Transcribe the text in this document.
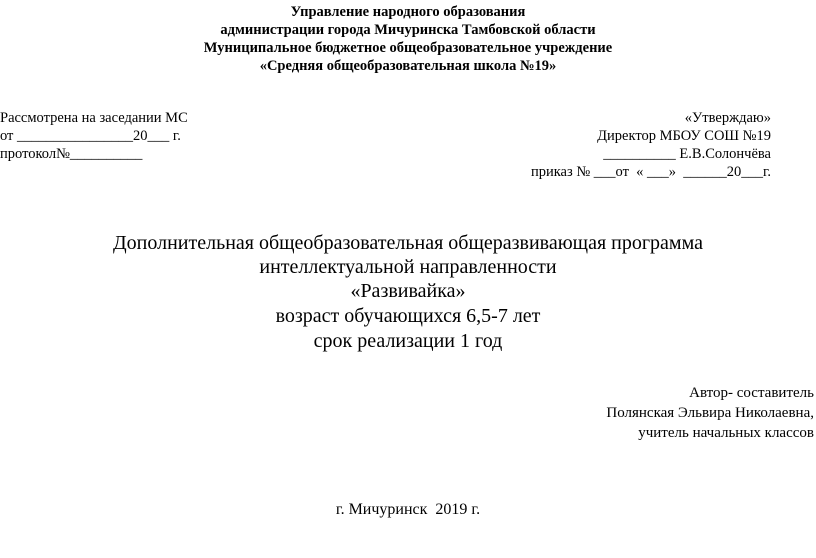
Управление народного образования
администрации города Мичуринска Тамбовской области
Муниципальное бюджетное общеобразовательное учреждение
«Средняя общеобразовательная школа №19»
Рассмотрена на заседании МС
от ________________20___ г.
протокол№__________
«Утверждаю»
Директор МБОУ СОШ №19
__________ Е.В.Солончёва
приказ № ___от  « ___»  ______20___г.
Дополнительная общеобразовательная общеразвивающая программа
интеллектуальной направленности
«Развивайка»
возраст обучающихся 6,5-7 лет
срок реализации 1 год
Автор- составитель
Полянская Эльвира Николаевна,
учитель начальных классов
г. Мичуринск  2019 г.
